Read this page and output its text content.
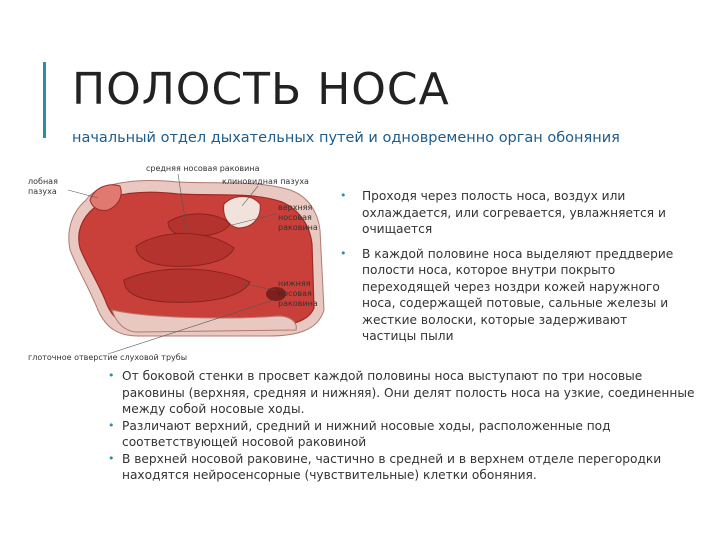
ПОЛОСТЬ НОСА
начальный отдел дыхательных путей и одновременно орган обоняния
лобная
пазуха
средняя носовая раковина
клиновидная пазуха
верхняя
носовая
раковина
нижняя
носовая
раковина
глоточное отверстие слуховой трубы
• Проходя через полость носа, воздух или охлаждается, или согревается, увлажняется и очищается
• В каждой половине носа выделяют преддверие полости носа, которое внутри покрыто переходящей через ноздри кожей наружного носа, содержащей потовые, сальные железы и жесткие волоски, которые задерживают частицы пыли
• От боковой стенки в просвет каждой половины носа выступают по три носовые раковины (верхняя, средняя и нижняя). Они делят полость носа на узкие, соединенные между собой носовые ходы.
• Различают верхний, средний и нижний носовые ходы, расположенные под соответствующей носовой раковиной
• В верхней носовой раковине, частично в средней и в верхнем отделе перегородки находятся нейросенсорные (чувствительные) клетки обоняния.
